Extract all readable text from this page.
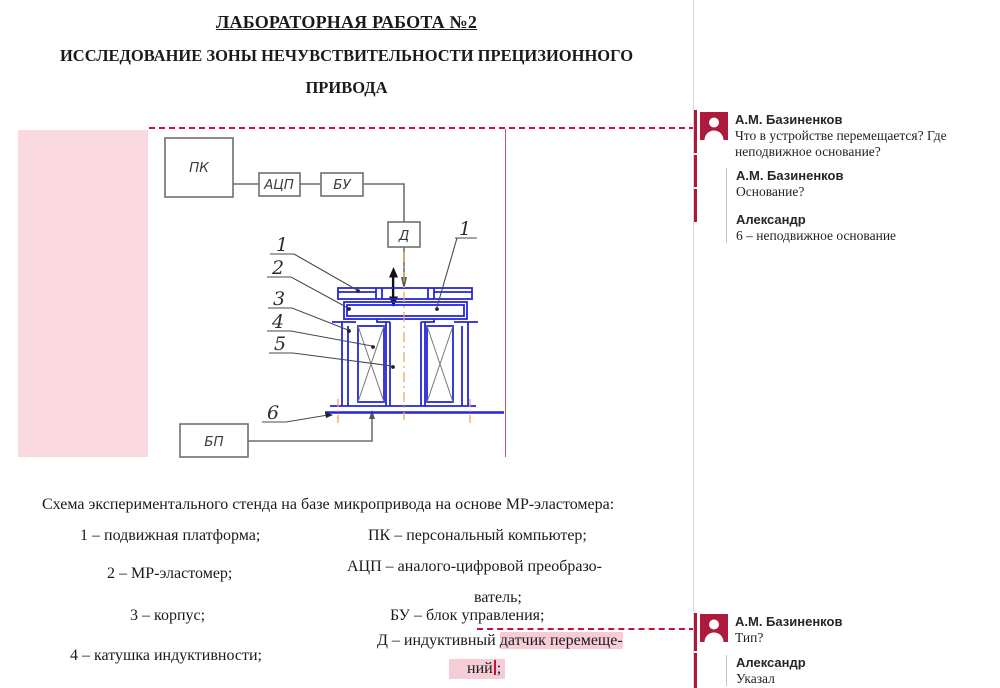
ЛАБОРАТОРНАЯ РАБОТА №2
ИССЛЕДОВАНИЕ ЗОНЫ НЕЧУВСТВИТЕЛЬНОСТИ ПРЕЦИЗИОННОГО
ПРИВОДА
ПК
АЦП	БУ
Д
БП
1
2
3
4
5
6
1
Схема экспериментального стенда на базе микропривода на основе МР-эластомера:
1 – подвижная платформа;	ПК – персональный компьютер;
АЦП – аналого-цифровой преобразо-
2 – МР-эластомер;
ватель;
3 – корпус;	БУ – блок управления;
Д – индуктивный датчик перемеще-
4 – катушка индуктивности;
ний ;
А.М. Базиненков
Что в устройстве перемещается? Где неподвижное основание?
А.М. Базиненков
Основание?
Александр
6 – неподвижное основание
А.М. Базиненков
Тип?
Александр
Указал
